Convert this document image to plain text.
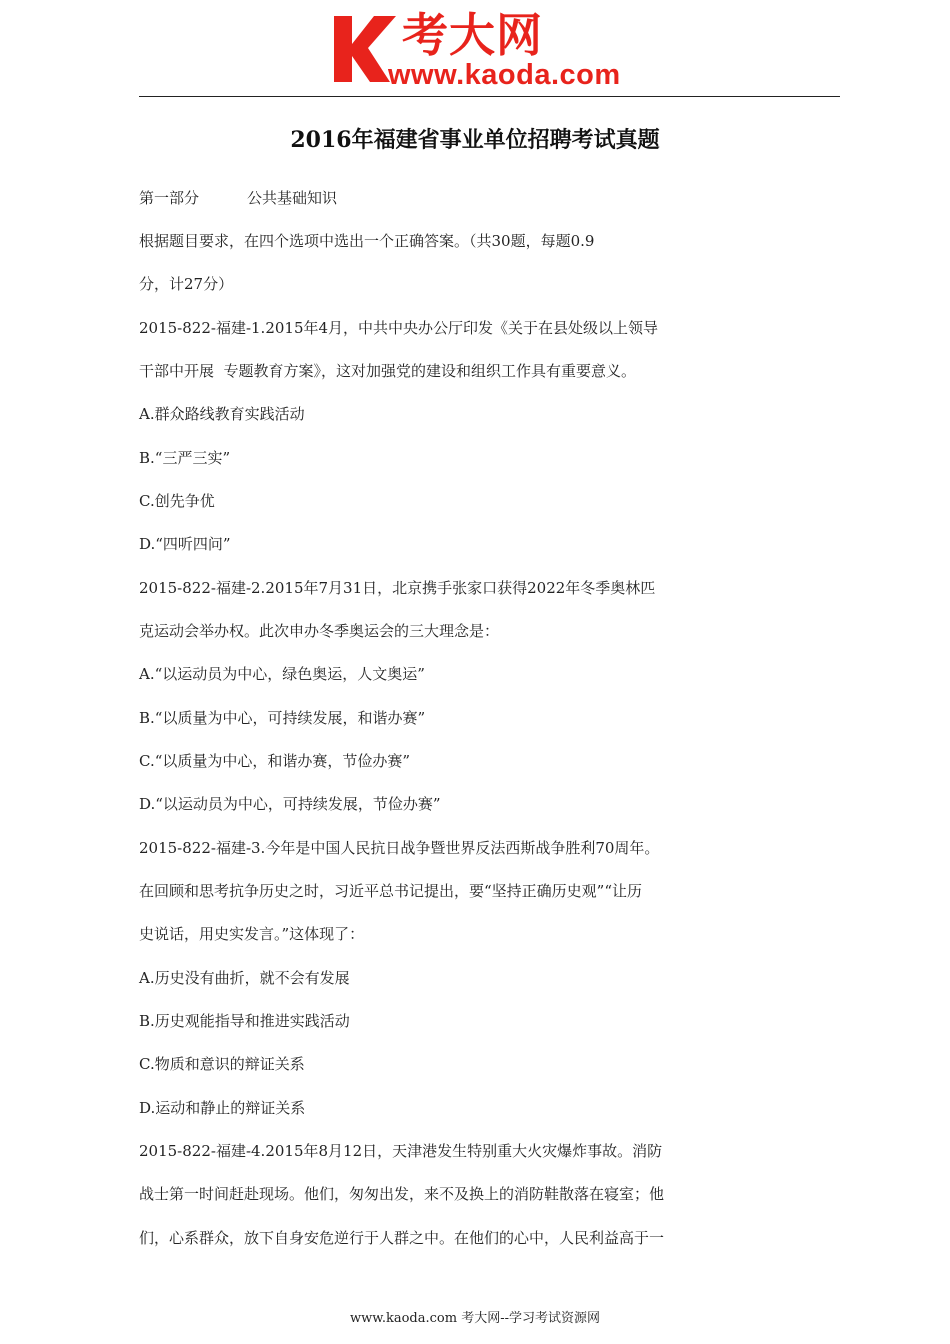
考大网
www.kaoda.com
2016年福建省事业单位招聘考试真题
第一部分	公共基础知识
根据题目要求，在四个选项中选出一个正确答案。（共30题，每题0.9
分，计27分）
2015-822-福建-1.2015年4月，中共中央办公厅印发《关于在县处级以上领导
干部中开展  专题教育方案》，这对加强党的建设和组织工作具有重要意义。
A.群众路线教育实践活动
B.“三严三实”
C.创先争优
D.“四听四问”
2015-822-福建-2.2015年7月31日，北京携手张家口获得2022年冬季奥林匹
克运动会举办权。此次申办冬季奥运会的三大理念是：
A.“以运动员为中心，绿色奥运，人文奥运”
B.“以质量为中心，可持续发展，和谐办赛”
C.“以质量为中心，和谐办赛，节俭办赛”
D.“以运动员为中心，可持续发展，节俭办赛”
2015-822-福建-3.今年是中国人民抗日战争暨世界反法西斯战争胜利70周年。
在回顾和思考抗争历史之时，习近平总书记提出，要“坚持正确历史观”“让历
史说话，用史实发言。”这体现了：
A.历史没有曲折，就不会有发展
B.历史观能指导和推进实践活动
C.物质和意识的辩证关系
D.运动和静止的辩证关系
2015-822-福建-4.2015年8月12日，天津港发生特别重大火灾爆炸事故。消防
战士第一时间赶赴现场。他们，匆匆出发，来不及换上的消防鞋散落在寝室；他
们，心系群众，放下自身安危逆行于人群之中。在他们的心中，人民利益高于一
www.kaoda.com 考大网--学习考试资源网
